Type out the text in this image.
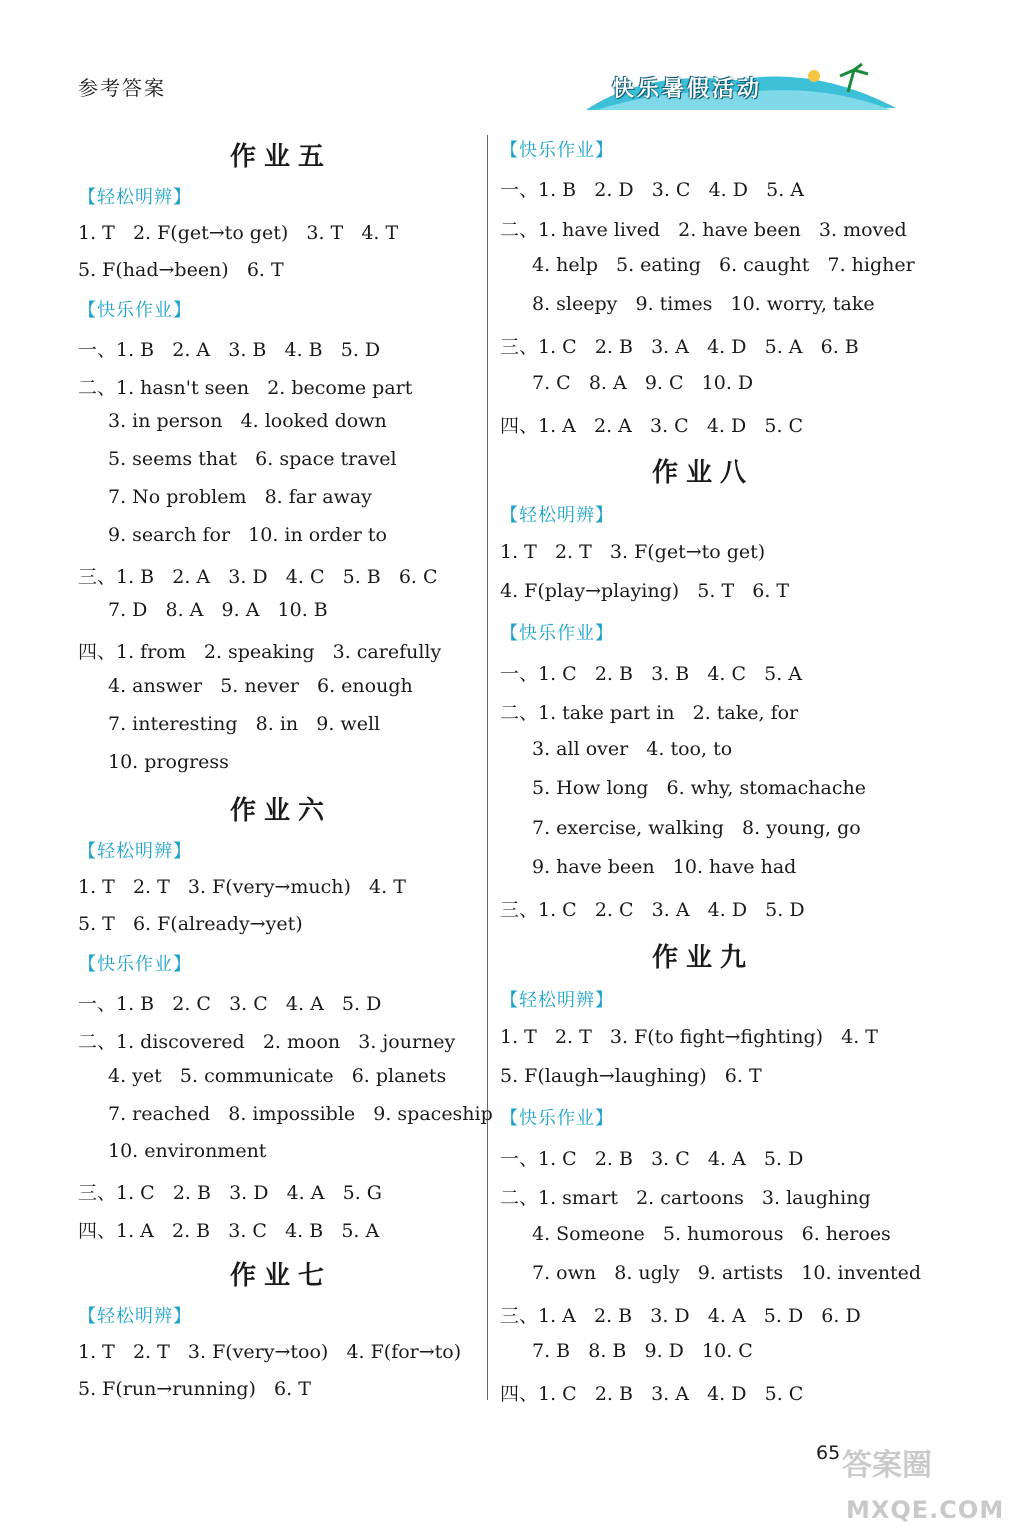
参考答案	快乐暑假活动
作业五
【轻松明辨】
1. T   2. F(get→to get)   3. T   4. T
5. F(had→been)   6. T
【快乐作业】
一、1. B   2. A   3. B   4. B   5. D
二、1. hasn't seen   2. become part
3. in person   4. looked down
5. seems that   6. space travel
7. No problem   8. far away
9. search for   10. in order to
三、1. B   2. A   3. D   4. C   5. B   6. C
7. D   8. A   9. A   10. B
四、1. from   2. speaking   3. carefully
4. answer   5. never   6. enough
7. interesting   8. in   9. well
10. progress
作业六
【轻松明辨】
1. T   2. T   3. F(very→much)   4. T
5. T   6. F(already→yet)
【快乐作业】
一、1. B   2. C   3. C   4. A   5. D
二、1. discovered   2. moon   3. journey
4. yet   5. communicate   6. planets
7. reached   8. impossible   9. spaceship
10. environment
三、1. C   2. B   3. D   4. A   5. G
四、1. A   2. B   3. C   4. B   5. A
作业七
【轻松明辨】
1. T   2. T   3. F(very→too)   4. F(for→to)
5. F(run→running)   6. T
【快乐作业】
一、1. B   2. D   3. C   4. D   5. A
二、1. have lived   2. have been   3. moved
4. help   5. eating   6. caught   7. higher
8. sleepy   9. times   10. worry, take
三、1. C   2. B   3. A   4. D   5. A   6. B
7. C   8. A   9. C   10. D
四、1. A   2. A   3. C   4. D   5. C
作业八
【轻松明辨】
1. T   2. T   3. F(get→to get)
4. F(play→playing)   5. T   6. T
【快乐作业】
一、1. C   2. B   3. B   4. C   5. A
二、1. take part in   2. take, for
3. all over   4. too, to
5. How long   6. why, stomachache
7. exercise, walking   8. young, go
9. have been   10. have had
三、1. C   2. C   3. A   4. D   5. D
作业九
【轻松明辨】
1. T   2. T   3. F(to fight→fighting)   4. T
5. F(laugh→laughing)   6. T
【快乐作业】
一、1. C   2. B   3. C   4. A   5. D
二、1. smart   2. cartoons   3. laughing
4. Someone   5. humorous   6. heroes
7. own   8. ugly   9. artists   10. invented
三、1. A   2. B   3. D   4. A   5. D   6. D
7. B   8. B   9. D   10. C
四、1. C   2. B   3. A   4. D   5. C
65 答案圈
MXQE.COM
